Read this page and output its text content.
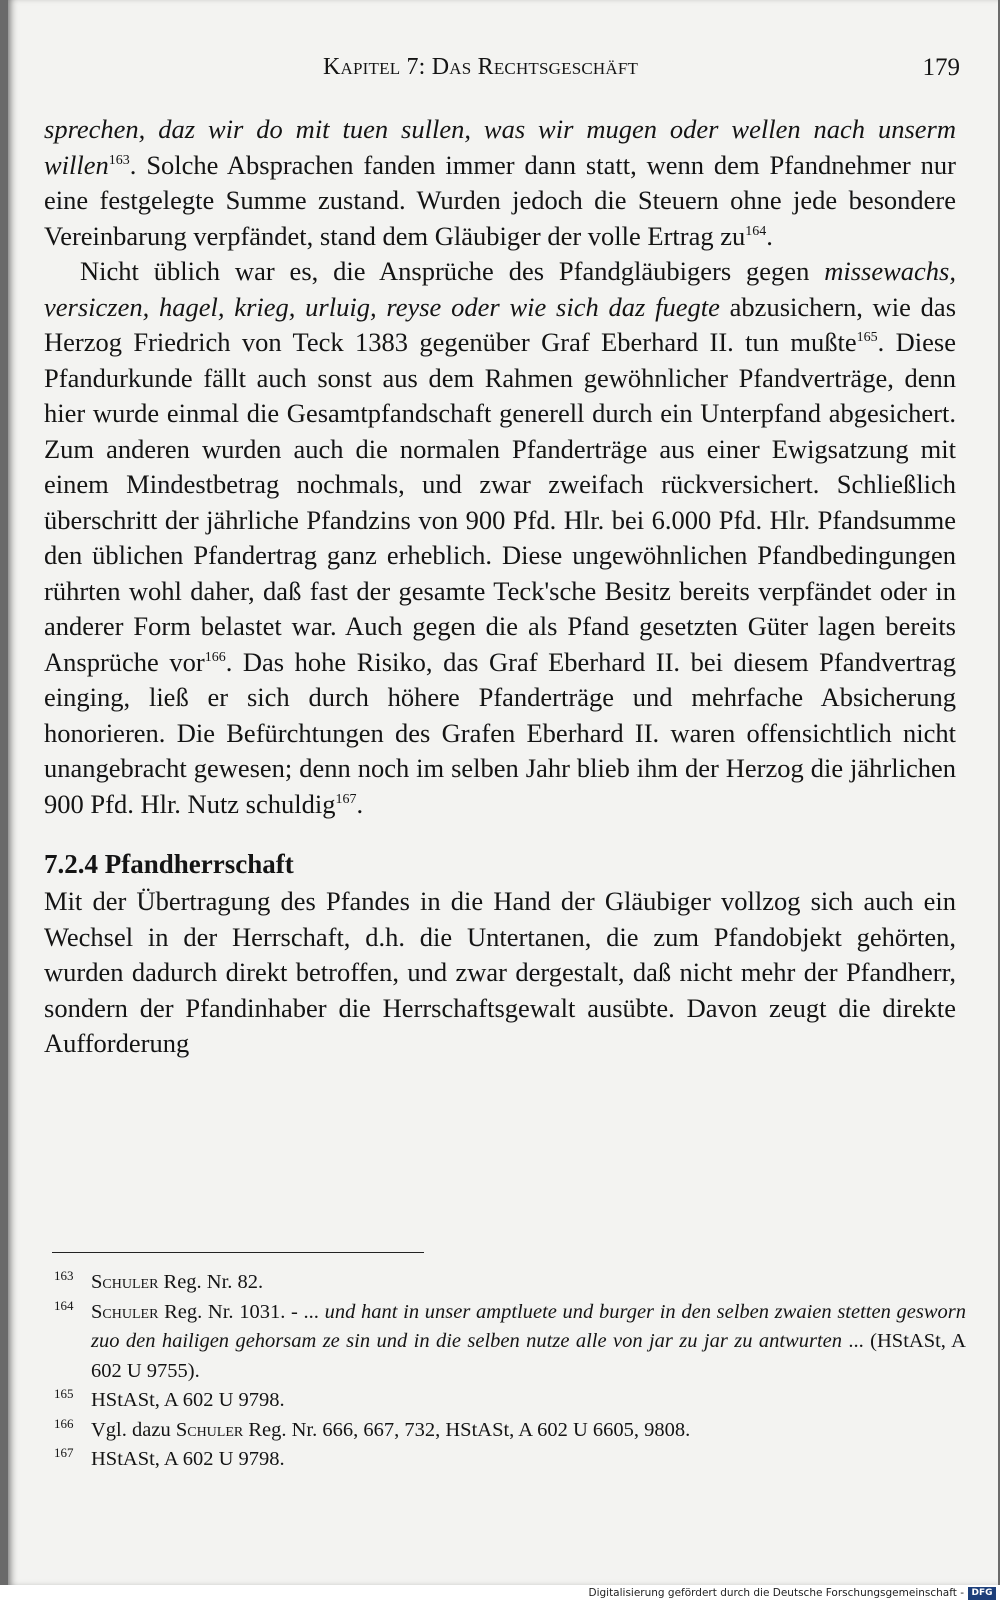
Kapitel 7: Das Rechtsgeschäft	179

sprechen, daz wir do mit tuen sullen, was wir mugen oder wellen nach unserm willen$^{163}$. Solche Absprachen fanden immer dann statt, wenn dem Pfandnehmer nur eine festgelegte Summe zustand. Wurden jedoch die Steuern ohne jede besondere Vereinbarung verpfändet, stand dem Gläubiger der volle Ertrag $zu^{164}$.

Nicht üblich war es, die Ansprüche des Pfandgläubigers gegen missewachs, versiczen, hagel, krieg, urluig, reyse oder wie sich daz fuegte abzusichern, wie das Herzog Friedrich von Teck 1383 gegenüber Graf Eberhard II. tun mußte$^{165}$. Diese Pfandurkunde fällt auch sonst aus dem Rahmen gewöhnlicher Pfandverträge, denn hier wurde einmal die Gesamtpfandschaft generell durch ein Unterpfand abgesichert. Zum anderen wurden auch die normalen Pfanderträge aus einer Ewigsatzung mit einem Mindestbetrag nochmals, und zwar zweifach rückversichert. Schließlich überschritt der jährliche Pfandzins von 900 Pfd. Hlr. bei 6.000 Pfd. Hlr. Pfandsumme den üblichen Pfandertrag ganz erheblich. Diese ungewöhnlichen Pfandbedingungen rührten wohl daher, daß fast der gesamte Teck'sche Besitz bereits verpfändet oder in anderer Form belastet war. Auch gegen die als Pfand gesetzten Güter lagen bereits Ansprüche vor$^{166}$. Das hohe Risiko, das Graf Eberhard II. bei diesem Pfandvertrag einging, ließ er sich durch höhere Pfanderträge und mehrfache Absicherung honorieren. Die Befürchtungen des Grafen Eberhard II. waren offensichtlich nicht unangebracht gewesen; denn noch im selben Jahr blieb ihm der Herzog die jährlichen 900 Pfd. Hlr. Nutz schuldig$^{167}$.

7.2.4 Pfandherrschaft

Mit der Übertragung des Pfandes in die Hand der Gläubiger vollzog sich auch ein Wechsel in der Herrschaft, d.h. die Untertanen, die zum Pfandobjekt gehörten, wurden dadurch direkt betroffen, und zwar dergestalt, daß nicht mehr der Pfandherr, sondern der Pfandinhaber die Herrschaftsgewalt ausübte. Davon zeugt die direkte Aufforderung

163 Schuler Reg. Nr. 82.
164 Schuler Reg. Nr. 1031. - ... und hant in unser amptluete und burger in den selben zwaien stetten gesworn zuo den hailigen gehorsam ze sin und in die selben nutze alle von jar zu jar zu antwurten ... (HStASt, A 602 U 9755).
165 HStASt, A 602 U 9798.
166 Vgl. dazu Schuler Reg. Nr. 666, 667, 732, HStASt, A 602 U 6605, 9808.
167 HStASt, A 602 U 9798.
Digitalisierung gefördert durch die Deutsche Forschungsgemeinschaft - DFG
